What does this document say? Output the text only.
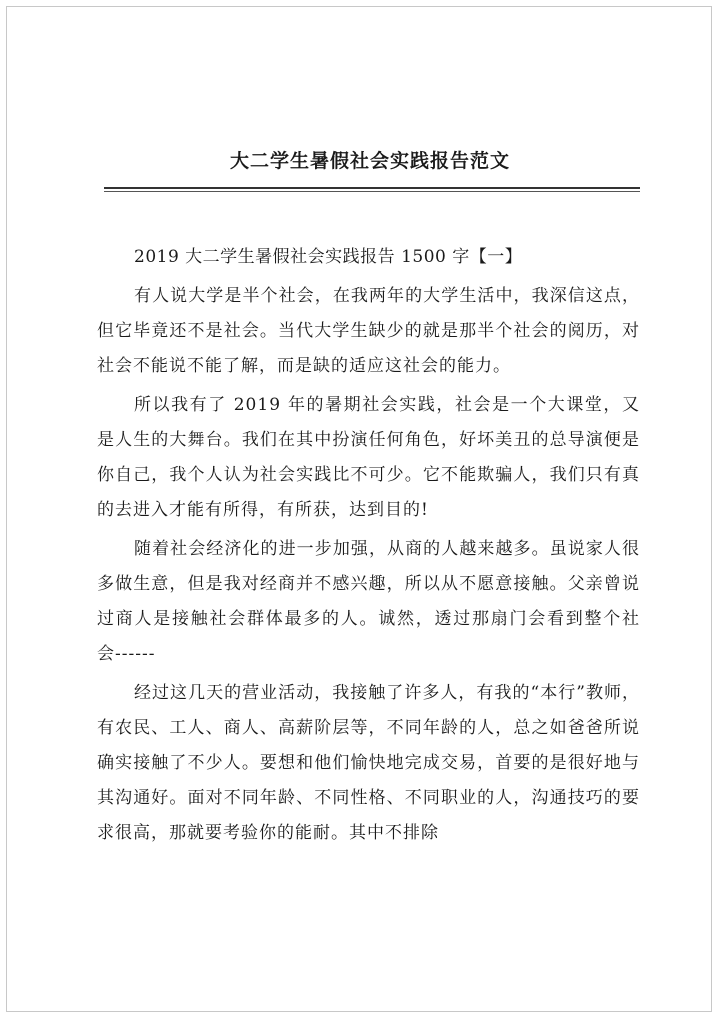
大二学生暑假社会实践报告范文

2019 大二学生暑假社会实践报告 1500 字【一】

有人说大学是半个社会，在我两年的大学生活中，我深信这点，但它毕竟还不是社会。当代大学生缺少的就是那半个社会的阅历，对社会不能说不能了解，而是缺的适应这社会的能力。

所以我有了 2019 年的暑期社会实践，社会是一个大课堂，又是人生的大舞台。我们在其中扮演任何角色，好坏美丑的总导演便是你自己，我个人认为社会实践比不可少。它不能欺骗人，我们只有真的去进入才能有所得，有所获，达到目的!

随着社会经济化的进一步加强，从商的人越来越多。虽说家人很多做生意，但是我对经商并不感兴趣，所以从不愿意接触。父亲曾说过商人是接触社会群体最多的人。诚然，透过那扇门会看到整个社会------

经过这几天的营业活动，我接触了许多人，有我的“本行”教师，有农民、工人、商人、高薪阶层等，不同年龄的人，总之如爸爸所说确实接触了不少人。要想和他们愉快地完成交易，首要的是很好地与其沟通好。面对不同年龄、不同性格、不同职业的人，沟通技巧的要求很高，那就要考验你的能耐。其中不排除
